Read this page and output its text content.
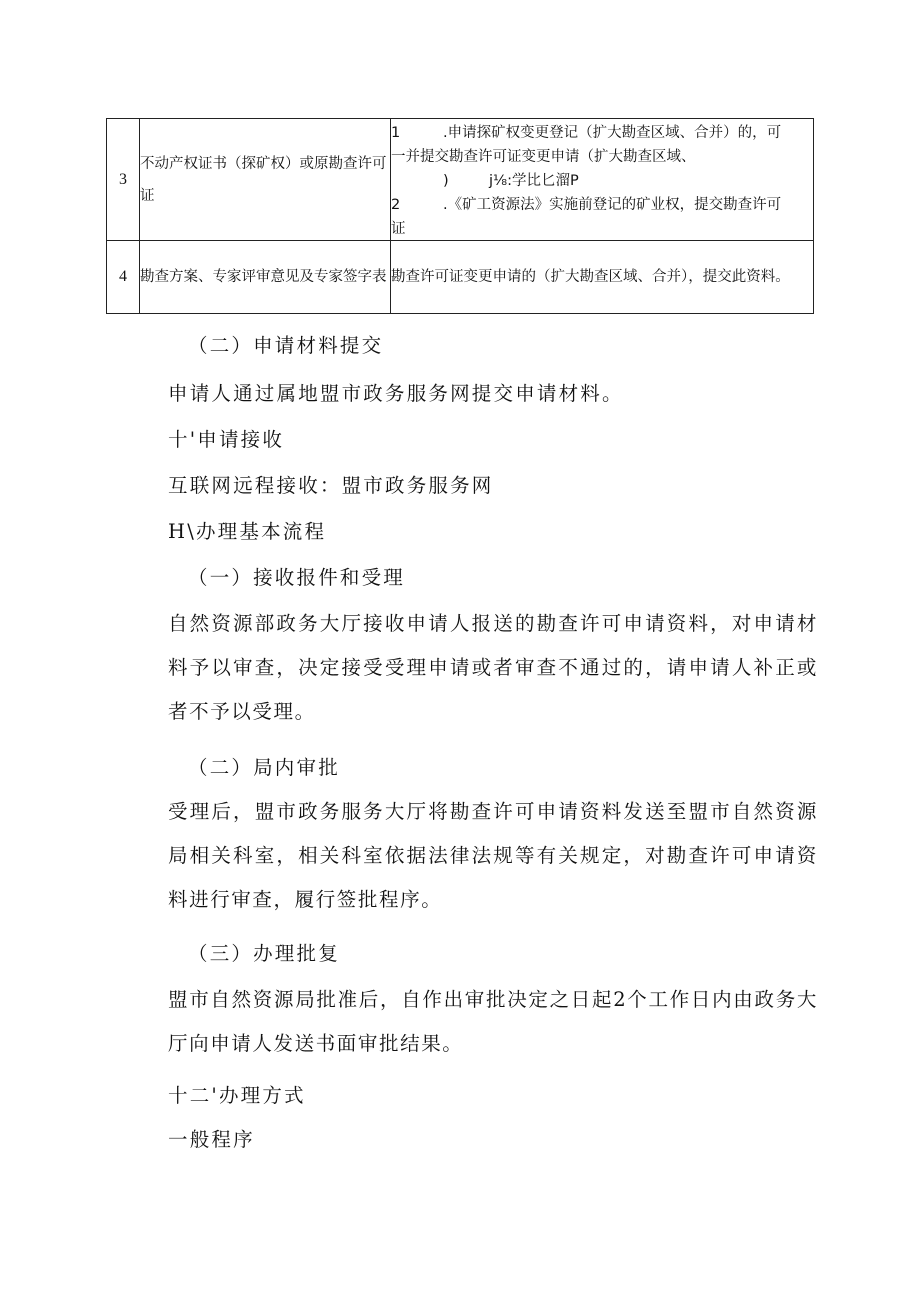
3	不动产权证书（探矿权）或原勘查许可证	1 .申请探矿权变更登记（扩大勘查区域、合并）的，可
一并提交勘查许可证变更申请（扩大勘查区域、
) j⅛:学比匕溜P
2 .《矿工资源法》实施前登记的矿业权，提交勘查许可
证

4	勘查方案、专家评审意见及专家签字表	勘查许可证变更申请的（扩大勘查区域、合并），提交此资料。
（二）申请材料提交
申请人通过属地盟市政务服务网提交申请材料。
十'申请接收
互联网远程接收：盟市政务服务网
H\办理基本流程
（一）接收报件和受理
自然资源部政务大厅接收申请人报送的勘查许可申请资料，对申请材料予以审查，决定接受受理申请或者审查不通过的，请申请人补正或者不予以受理。
（二）局内审批
受理后，盟市政务服务大厅将勘查许可申请资料发送至盟市自然资源局相关科室，相关科室依据法律法规等有关规定，对勘查许可申请资料进行审查，履行签批程序。
（三）办理批复
盟市自然资源局批准后，自作出审批决定之日起2个工作日内由政务大厅向申请人发送书面审批结果。
十二'办理方式
一般程序
